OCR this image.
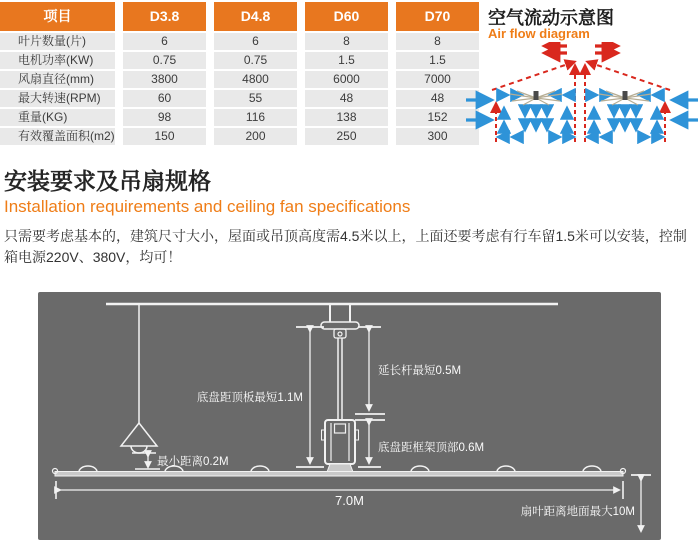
项目	D3.8	D4.8	D60	D70
叶片数量(片)	6	6	8	8
电机功率(KW)	0.75	0.75	1.5	1.5
风扇直径(mm)	3800	4800	6000	7000
最大转速(RPM)	60	55	48	48
重量(KG)	98	116	138	152
有效覆盖面积(m2)	150	200	250	300
空气流动示意图
Air flow diagram
安装要求及吊扇规格
Installation requirements and ceiling fan specifications
只需要考虑基本的，建筑尺寸大小，屋面或吊顶高度需4.5米以上，上面还要考虑有行车留1.5米可以安装，控制箱电源220V、380V，均可！
底盘距顶板最短1.1M
延长杆最短0.5M
底盘距框架顶部0.6M
最小距离0.2M
7.0M
扇叶距离地面最大10M
